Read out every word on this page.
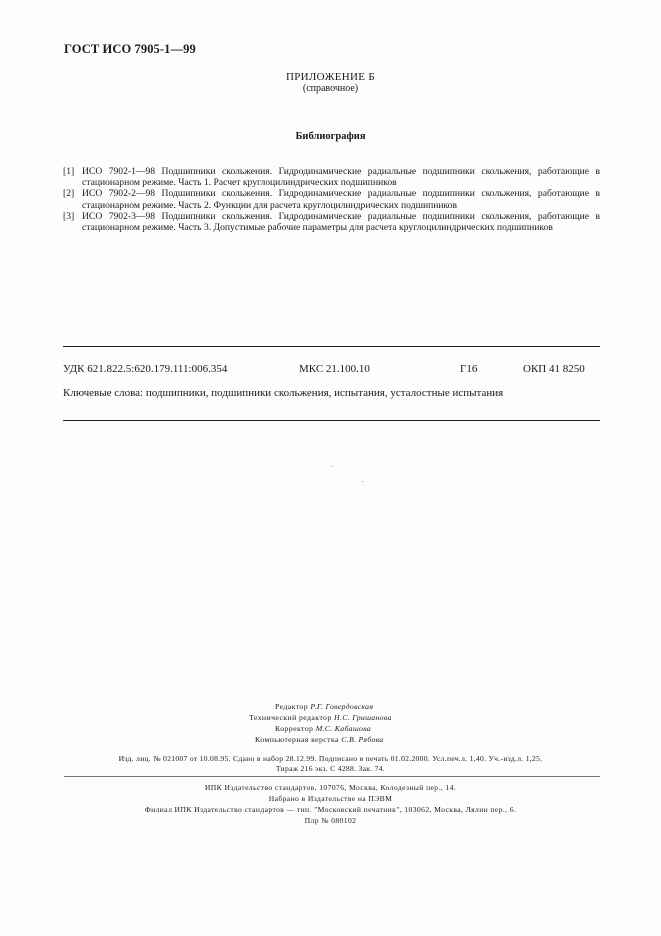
ГОСТ ИСО 7905-1—99
ПРИЛОЖЕНИЕ Б
(справочное)
Библиография
[1] ИСО 7902-1—98 Подшипники скольжения. Гидродинамические радиальные подшипники скольжения, работающие в стационарном режиме. Часть 1. Расчет круглоцилиндрических подшипников
[2] ИСО 7902-2—98 Подшипники скольжения. Гидродинамические радиальные подшипники скольжения, работающие в стационарном режиме. Часть 2. Функции для расчета круглоцилиндрических подшипников
[3] ИСО 7902-3—98 Подшипники скольжения. Гидродинамические радиальные подшипники скольжения, работающие в стационарном режиме. Часть 3. Допустимые рабочие параметры для расчета круглоцилиндрических подшипников
УДК 621.822.5:620.179.111:006.354	МКС 21.100.10	Г16	ОКП 41 8250
Ключевые слова: подшипники, подшипники скольжения, испытания, усталостные испытания
Редактор Р.Г. Говердовская
Технический редактор Н.С. Гришанова
Корректор М.С. Кабашова
Компьютерная верстка С.В. Рябова
Изд. лиц. № 021007 от 10.08.95. Сдано в набор 28.12.99. Подписано в печать 01.02.2000. Усл.печ.л. 1,40. Уч.-изд.л. 1,25.
Тираж 216 экз. С 4288. Зак. 74.
ИПК Издательство стандартов, 107076, Москва, Колодезный пер., 14.
Набрано в Издательстве на ПЭВМ
Филиал ИПК Издательство стандартов — тип. "Московский печатник", 103062, Москва, Лялин пер., 6.
Плр № 080102
